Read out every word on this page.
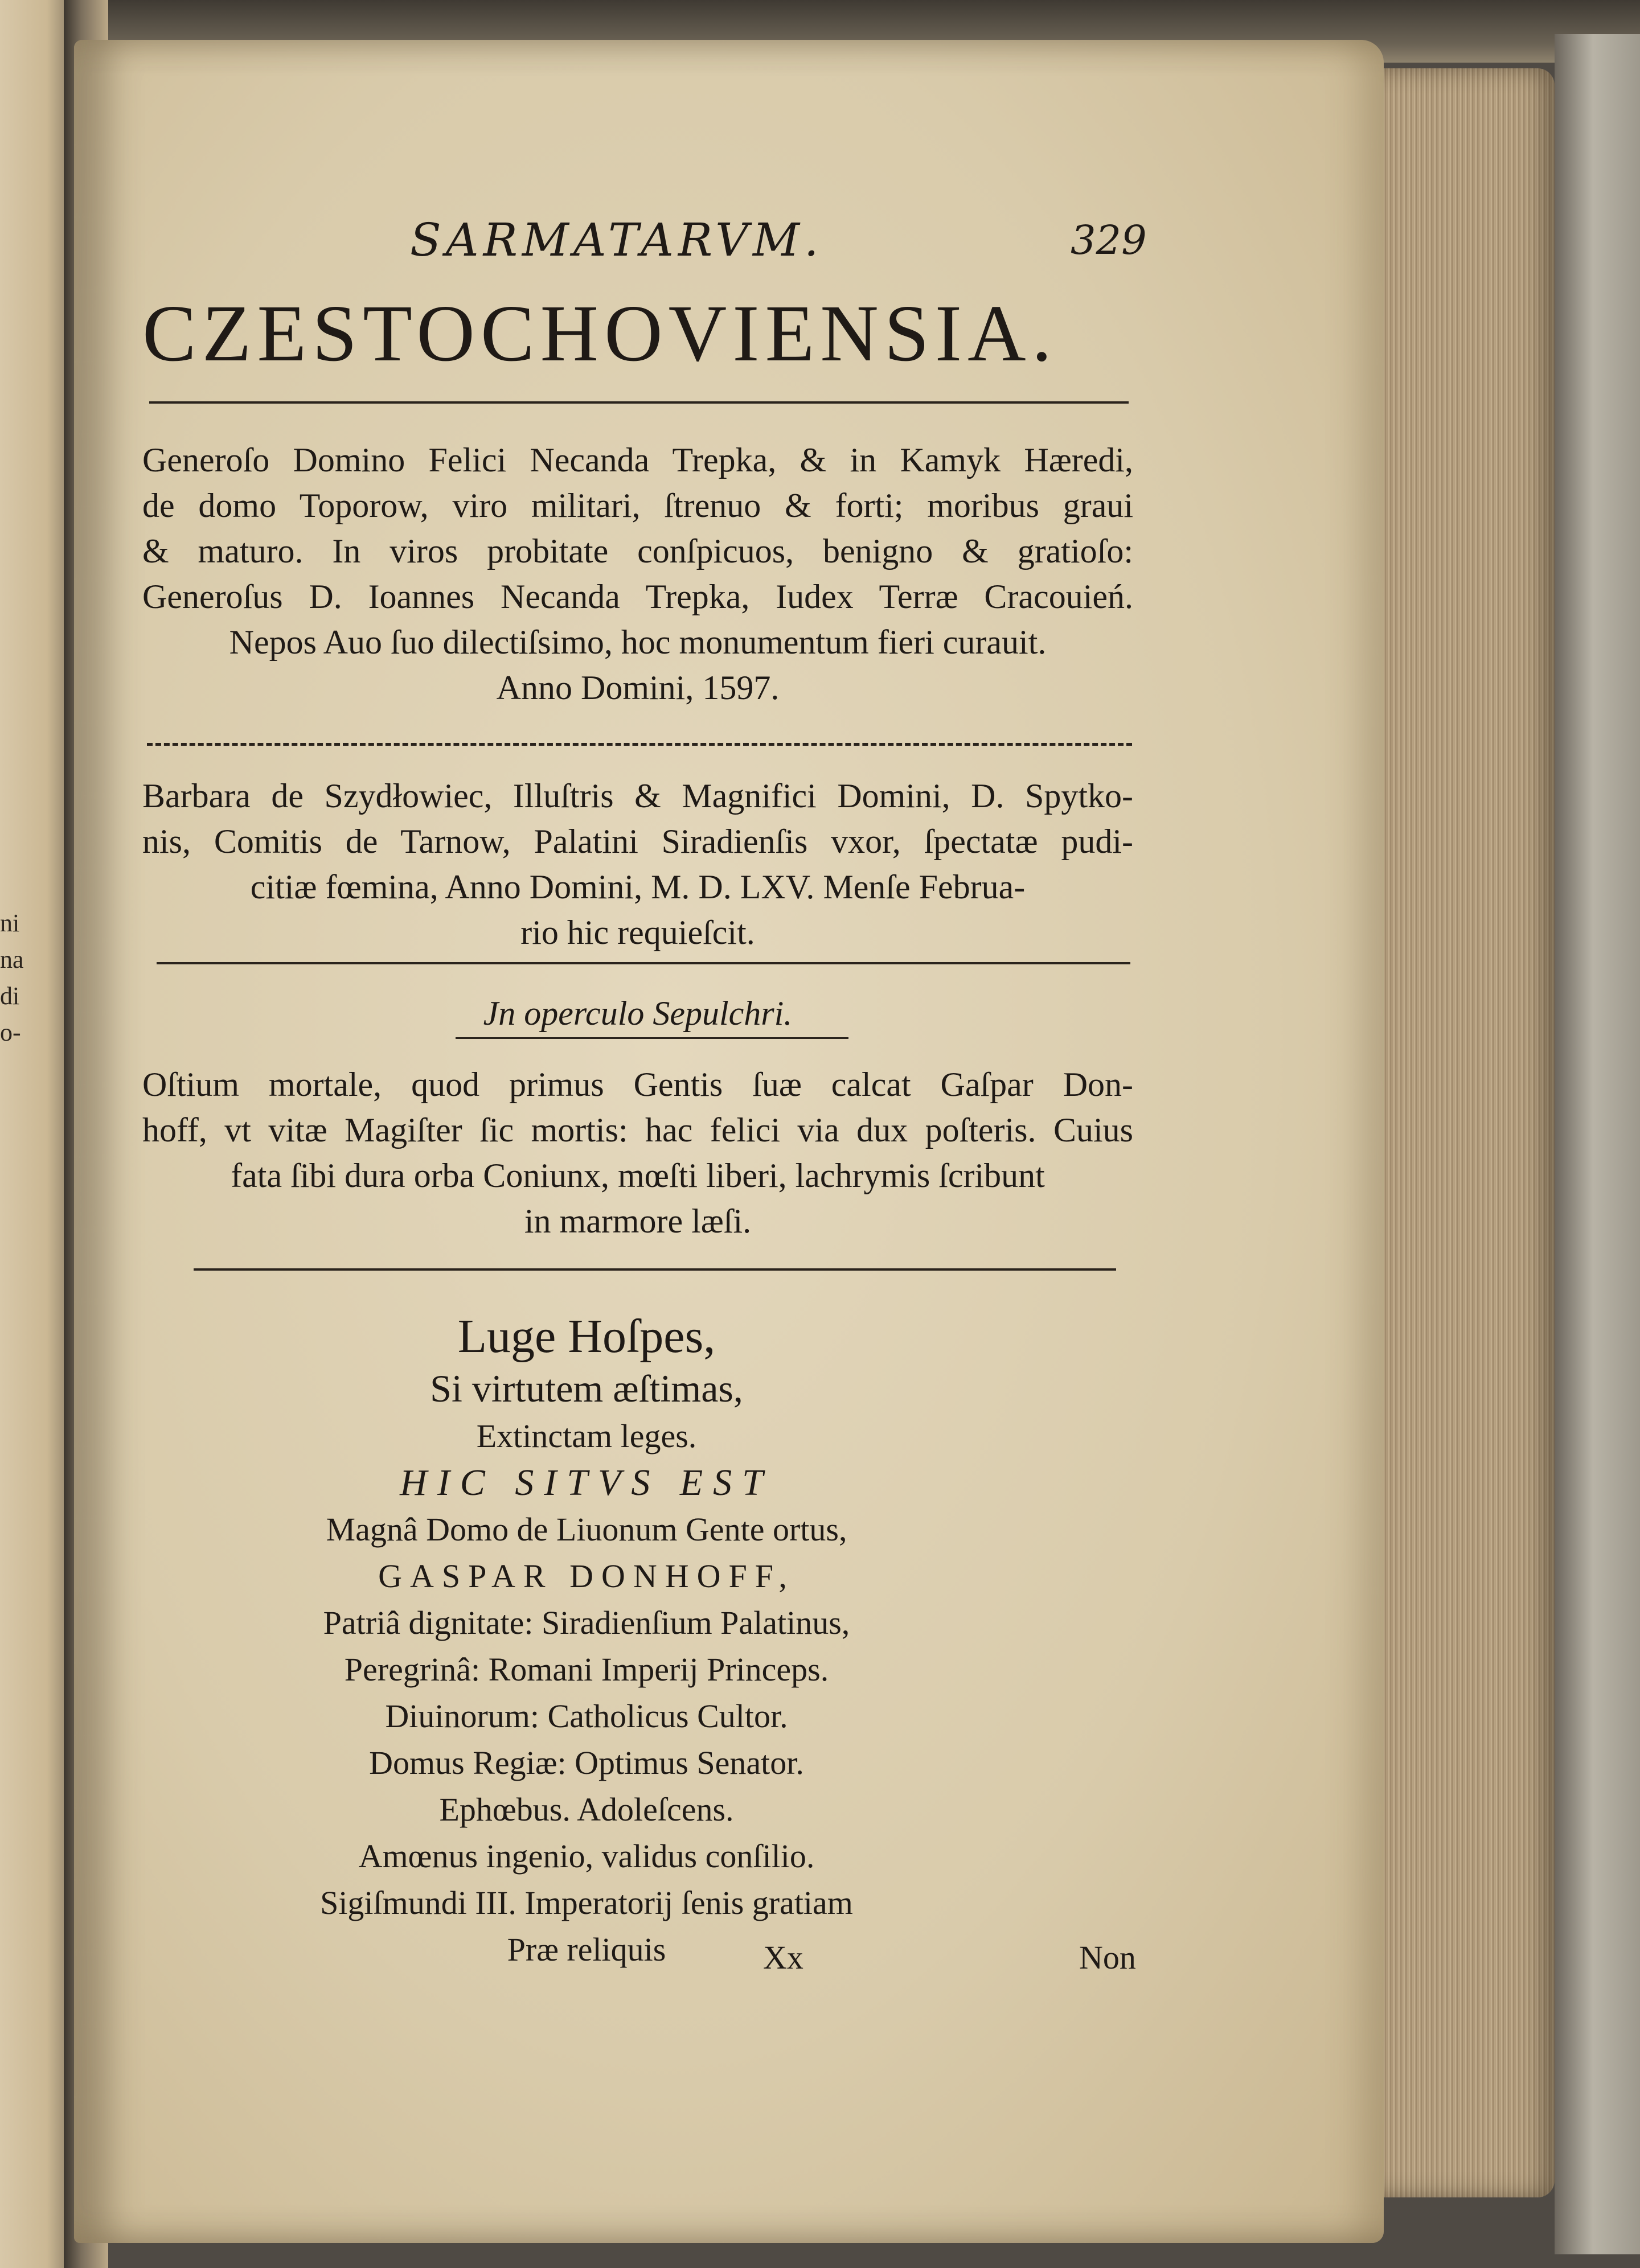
ni
na
di
o-
SARMATARVM.	329
CZESTOCHOVIENSIA.
Generoſo Domino Felici Necanda Trepka, & in Kamyk Hæredi,
de domo Toporow, viro militari, ſtrenuo & forti; moribus graui
& maturo. In viros probitate conſpicuos, benigno & gratioſo:
Generoſus D. Ioannes Necanda Trepka, Iudex Terræ Cracouień.
Nepos Auo ſuo dilectiſsimo, hoc monumentum fieri curauit.
Anno Domini, 1597.
Barbara de Szydłowiec, Illuſtris & Magnifici Domini, D. Spytko-
nis, Comitis de Tarnow, Palatini Siradienſis vxor, ſpectatæ pudi-
citiæ fœmina, Anno Domini, M. D. LXV. Menſe Februa-
rio hic requieſcit.
Jn operculo Sepulchri.
Oſtium mortale, quod primus Gentis ſuæ calcat Gaſpar Don-
hoff, vt vitæ Magiſter ſic mortis: hac felici via dux poſteris. Cuius
fata ſibi dura orba Coniunx, mœſti liberi, lachrymis ſcribunt
in marmore læſi.
Luge Hoſpes,
Si virtutem æſtimas,
Extinctam leges.
HIC SITVS EST
Magnâ Domo de Liuonum Gente ortus,
GASPAR DONHOFF,
Patriâ dignitate: Siradienſium Palatinus,
Peregrinâ: Romani Imperij Princeps.
Diuinorum: Catholicus Cultor.
Domus Regiæ: Optimus Senator.
Ephœbus. Adoleſcens.
Amœnus ingenio, validus conſilio.
Sigiſmundi III. Imperatorij ſenis gratiam
Præ reliquis	Xx	Non
